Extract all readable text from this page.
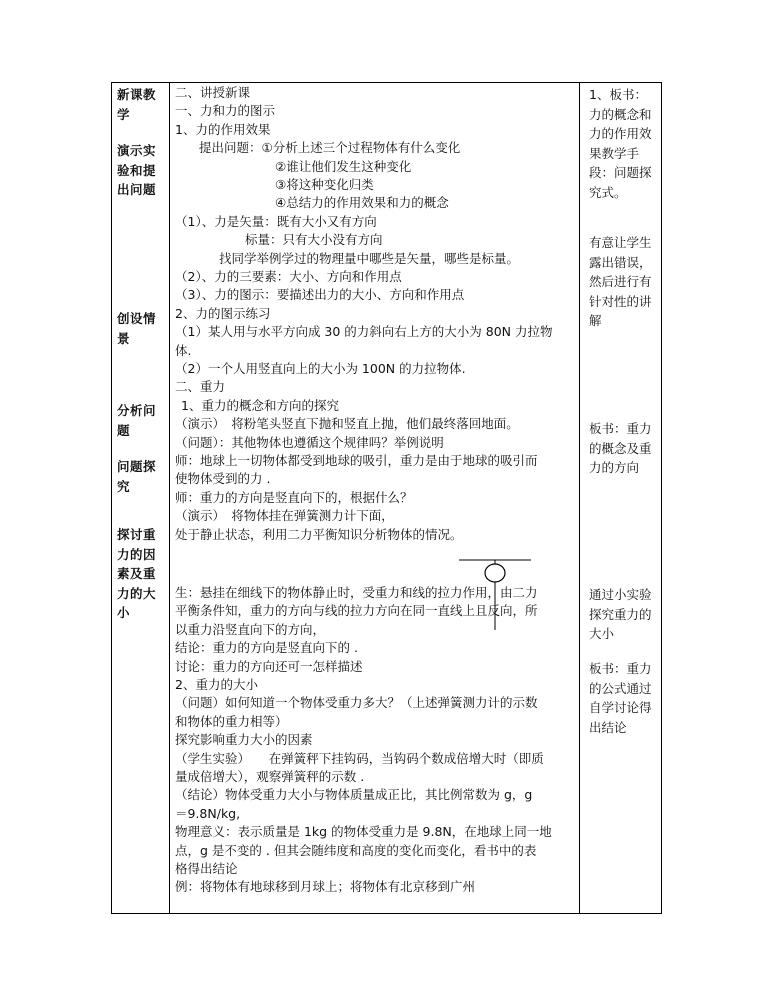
新课教学
演示实验和提出问题
创设情景
分析问题
问题探究
探讨重力的因素及重力的大小
二、讲授新课
一、力和力的图示
1、力的作用效果
提出问题：①分析上述三个过程物体有什么变化
②谁让他们发生这种变化
③将这种变化归类
④总结力的作用效果和力的概念
（1）、力是矢量：既有大小又有方向
标量：只有大小没有方向
找同学举例学过的物理量中哪些是矢量，哪些是标量。
（2）、力的三要素：大小、方向和作用点
（3）、力的图示：要描述出力的大小、方向和作用点
2、力的图示练习
（1）某人用与水平方向成 30 的力斜向右上方的大小为 80N 力拉物
体.
（2）一个人用竖直向上的大小为 100N 的力拉物体.
二、重力
1、重力的概念和方向的探究
（演示）　将粉笔头竖直下抛和竖直上抛，他们最终落回地面。
（问题）：其他物体也遵循这个规律吗？举例说明
师：地球上一切物体都受到地球的吸引，重力是由于地球的吸引而
使物体受到的力 .
师：重力的方向是竖直向下的，根据什么？
（演示）　将物体挂在弹簧测力计下面，
处于静止状态，利用二力平衡知识分析物体的情况。
生：悬挂在细线下的物体静止时，受重力和线的拉力作用，由二力
平衡条件知，重力的方向与线的拉力方向在同一直线上且反向，所
以重力沿竖直向下的方向，
结论：重力的方向是竖直向下的 .
讨论：重力的方向还可一怎样描述
2、重力的大小
（问题）如何知道一个物体受重力多大？（上述弹簧测力计的示数
和物体的重力相等）
探究影响重力大小的因素
（学生实验）　　在弹簧秤下挂钩码，当钩码个数成倍增大时（即质
量成倍增大），观察弹簧秤的示数 .
（结论）物体受重力大小与物体质量成正比，其比例常数为 g，g
＝9.8N/kg,
物理意义：表示质量是 1kg 的物体受重力是 9.8N，在地球上同一地
点，g 是不变的 . 但其会随纬度和高度的变化而变化，看书中的表
格得出结论
例：将物体有地球移到月球上；将物体有北京移到广州
1、板书：力的概念和力的作用效果教学手段：问题探究式。
有意让学生露出错误，然后进行有针对性的讲解
板书：重力的概念及重力的方向
通过小实验探究重力的大小
板书：重力的公式通过自学讨论得出结论
